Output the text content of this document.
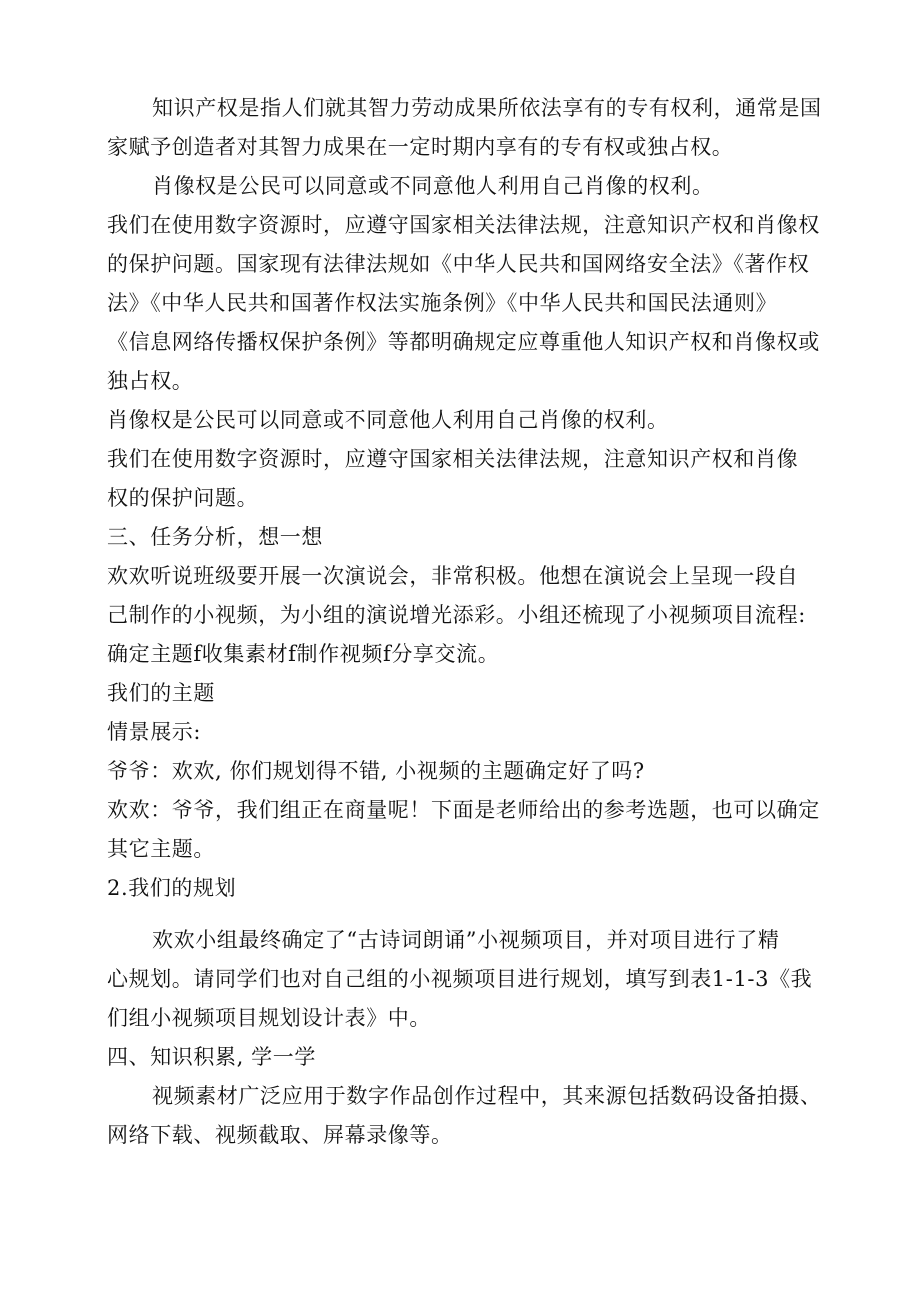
知识产权是指人们就其智力劳动成果所依法享有的专有权利，通常是国
家赋予创造者对其智力成果在一定时期内享有的专有权或独占权。
肖像权是公民可以同意或不同意他人利用自己肖像的权利。
我们在使用数字资源时，应遵守国家相关法律法规，注意知识产权和肖像权
的保护问题。国家现有法律法规如《中华人民共和国网络安全法》《著作权
法》《中华人民共和国著作权法实施条例》《中华人民共和国民法通则》
《信息网络传播权保护条例》等都明确规定应尊重他人知识产权和肖像权或
独占权。
肖像权是公民可以同意或不同意他人利用自己肖像的权利。
我们在使用数字资源时，应遵守国家相关法律法规，注意知识产权和肖像
权的保护问题。
三、任务分析，想一想
欢欢听说班级要开展一次演说会，非常积极。他想在演说会上呈现一段自
己制作的小视频，为小组的演说增光添彩。小组还梳现了小视频项目流程:
确定主题f收集素材f制作视频f分享交流。
我们的主题
情景展示:
爷爷：欢欢, 你们规划得不错, 小视频的主题确定好了吗?
欢欢：爷爷，我们组正在商量呢！下面是老师给出的参考选题，也可以确定
其它主题。
2.我们的规划
欢欢小组最终确定了“古诗词朗诵”小视频项目，并对项目进行了精
心规划。请同学们也对自己组的小视频项目进行规划，填写到表1-1-3《我
们组小视频项目规划设计表》中。
四、知识积累, 学一学
视频素材广泛应用于数字作品创作过程中，其来源包括数码设备拍摄、
网络下载、视频截取、屏幕录像等。
